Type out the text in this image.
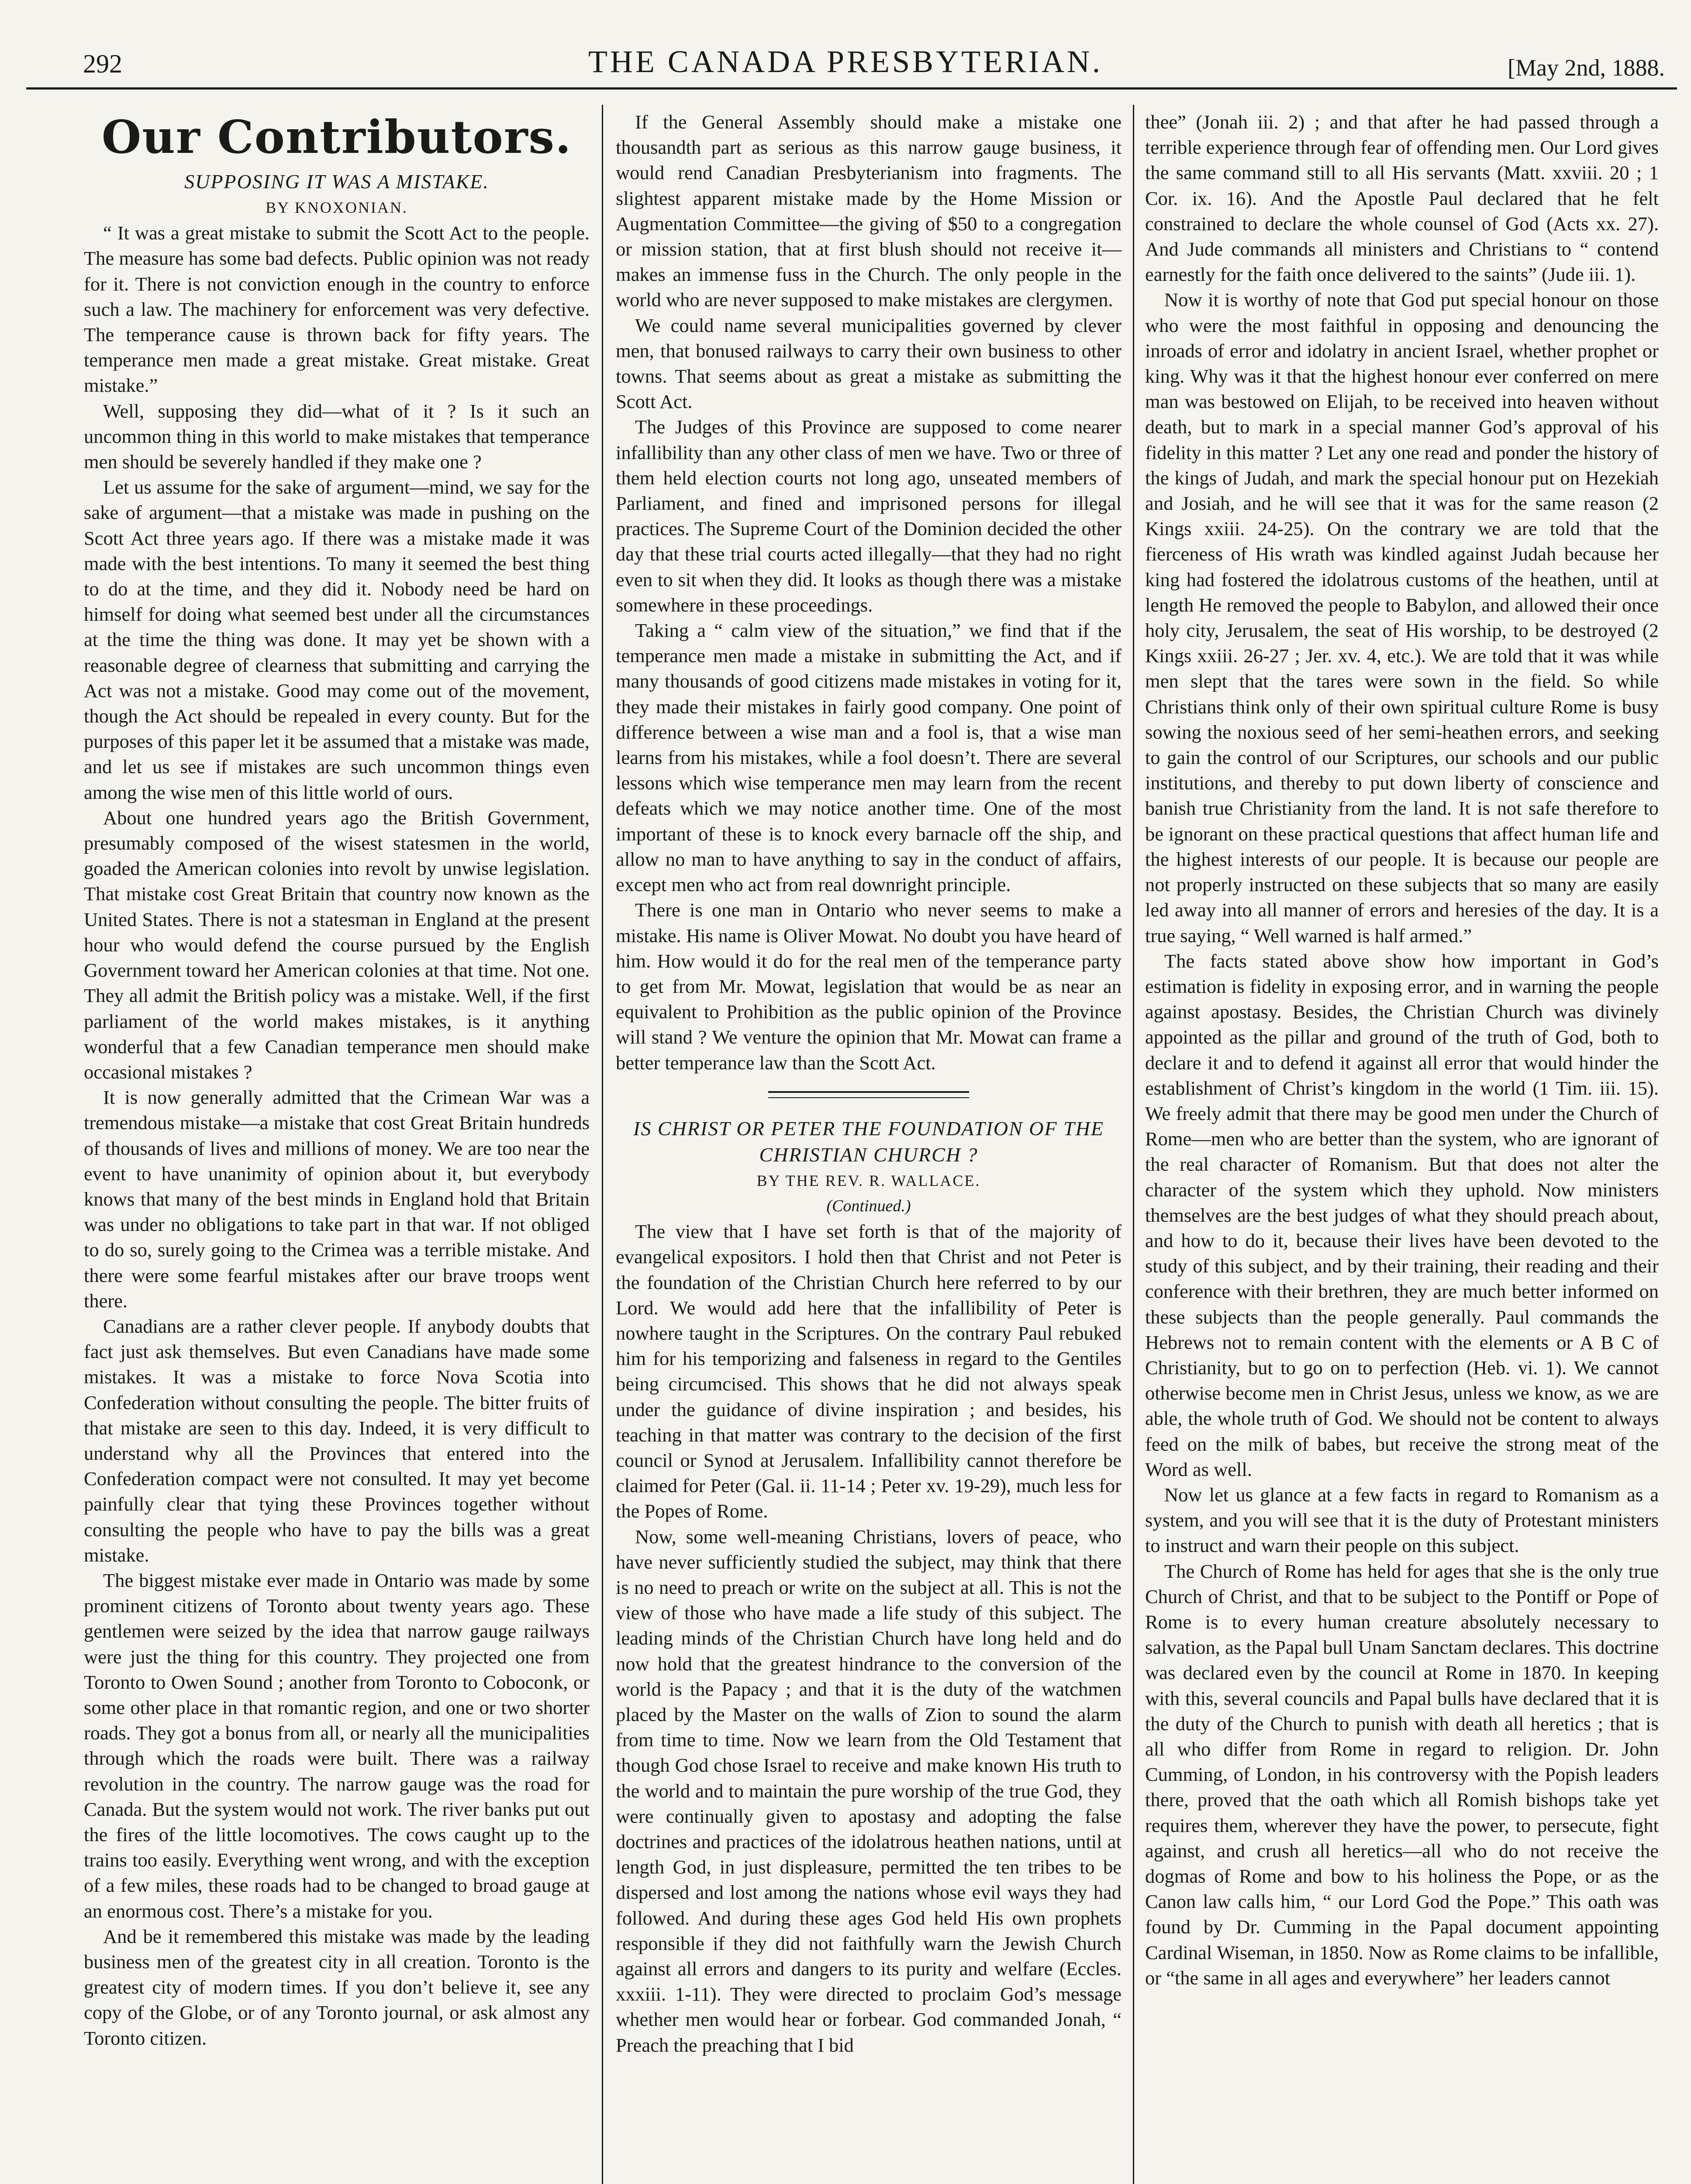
292	THE CANADA PRESBYTERIAN.	[May 2nd, 1888.
Our Contributors.

SUPPOSING IT WAS A MISTAKE.

BY KNOXONIAN.

“ It was a great mistake to submit the Scott Act to the people. The measure has some bad defects. Public opinion was not ready for it. There is not conviction enough in the country to enforce such a law. The machinery for enforcement was very defective. The temperance cause is thrown back for fifty years. The temperance men made a great mistake. Great mistake. Great mistake.”

Well, supposing they did—what of it ? Is it such an uncommon thing in this world to make mistakes that temperance men should be severely handled if they make one ?

Let us assume for the sake of argument—mind, we say for the sake of argument—that a mistake was made in pushing on the Scott Act three years ago. If there was a mistake made it was made with the best intentions. To many it seemed the best thing to do at the time, and they did it. Nobody need be hard on himself for doing what seemed best under all the circumstances at the time the thing was done. It may yet be shown with a reasonable degree of clearness that submitting and carrying the Act was not a mistake. Good may come out of the movement, though the Act should be repealed in every county. But for the purposes of this paper let it be assumed that a mistake was made, and let us see if mistakes are such uncommon things even among the wise men of this little world of ours.

About one hundred years ago the British Government, presumably composed of the wisest statesmen in the world, goaded the American colonies into revolt by unwise legislation. That mistake cost Great Britain that country now known as the United States. There is not a statesman in England at the present hour who would defend the course pursued by the English Government toward her American colonies at that time. Not one. They all admit the British policy was a mistake. Well, if the first parliament of the world makes mistakes, is it anything wonderful that a few Canadian temperance men should make occasional mistakes ?

It is now generally admitted that the Crimean War was a tremendous mistake—a mistake that cost Great Britain hundreds of thousands of lives and millions of money. We are too near the event to have unanimity of opinion about it, but everybody knows that many of the best minds in England hold that Britain was under no obligations to take part in that war. If not obliged to do so, surely going to the Crimea was a terrible mistake. And there were some fearful mistakes after our brave troops went there.

Canadians are a rather clever people. If anybody doubts that fact just ask themselves. But even Canadians have made some mistakes. It was a mistake to force Nova Scotia into Confederation without consulting the people. The bitter fruits of that mistake are seen to this day. Indeed, it is very difficult to understand why all the Provinces that entered into the Confederation compact were not consulted. It may yet become painfully clear that tying these Provinces together without consulting the people who have to pay the bills was a great mistake.

The biggest mistake ever made in Ontario was made by some prominent citizens of Toronto about twenty years ago. These gentlemen were seized by the idea that narrow gauge railways were just the thing for this country. They projected one from Toronto to Owen Sound ; another from Toronto to Coboconk, or some other place in that romantic region, and one or two shorter roads. They got a bonus from all, or nearly all the municipalities through which the roads were built. There was a railway revolution in the country. The narrow gauge was the road for Canada. But the system would not work. The river banks put out the fires of the little locomotives. The cows caught up to the trains too easily. Everything went wrong, and with the exception of a few miles, these roads had to be changed to broad gauge at an enormous cost. There’s a mistake for you.

And be it remembered this mistake was made by the leading business men of the greatest city in all creation. Toronto is the greatest city of modern times. If you don’t believe it, see any copy of the Globe, or of any Toronto journal, or ask almost any Toronto citizen.

If the General Assembly should make a mistake one thousandth part as serious as this narrow gauge business, it would rend Canadian Presbyterianism into fragments. The slightest apparent mistake made by the Home Mission or Augmentation Committee—the giving of $50 to a congregation or mission station, that at first blush should not receive it—makes an immense fuss in the Church. The only people in the world who are never supposed to make mistakes are clergymen.

We could name several municipalities governed by clever men, that bonused railways to carry their own business to other towns. That seems about as great a mistake as submitting the Scott Act.

The Judges of this Province are supposed to come nearer infallibility than any other class of men we have. Two or three of them held election courts not long ago, unseated members of Parliament, and fined and imprisoned persons for illegal practices. The Supreme Court of the Dominion decided the other day that these trial courts acted illegally—that they had no right even to sit when they did. It looks as though there was a mistake somewhere in these proceedings.

Taking a “ calm view of the situation,” we find that if the temperance men made a mistake in submitting the Act, and if many thousands of good citizens made mistakes in voting for it, they made their mistakes in fairly good company. One point of difference between a wise man and a fool is, that a wise man learns from his mistakes, while a fool doesn’t. There are several lessons which wise temperance men may learn from the recent defeats which we may notice another time. One of the most important of these is to knock every barnacle off the ship, and allow no man to have anything to say in the conduct of affairs, except men who act from real downright principle.

There is one man in Ontario who never seems to make a mistake. His name is Oliver Mowat. No doubt you have heard of him. How would it do for the real men of the temperance party to get from Mr. Mowat, legislation that would be as near an equivalent to Prohibition as the public opinion of the Province will stand ? We venture the opinion that Mr. Mowat can frame a better temperance law than the Scott Act.

IS CHRIST OR PETER THE FOUNDATION OF THE CHRISTIAN CHURCH ?

BY THE REV. R. WALLACE.

(Continued.)

The view that I have set forth is that of the majority of evangelical expositors. I hold then that Christ and not Peter is the foundation of the Christian Church here referred to by our Lord. We would add here that the infallibility of Peter is nowhere taught in the Scriptures. On the contrary Paul rebuked him for his temporizing and falseness in regard to the Gentiles being circumcised. This shows that he did not always speak under the guidance of divine inspiration ; and besides, his teaching in that matter was contrary to the decision of the first council or Synod at Jerusalem. Infallibility cannot therefore be claimed for Peter (Gal. ii. 11-14 ; Peter xv. 19-29), much less for the Popes of Rome.

Now, some well-meaning Christians, lovers of peace, who have never sufficiently studied the subject, may think that there is no need to preach or write on the subject at all. This is not the view of those who have made a life study of this subject. The leading minds of the Christian Church have long held and do now hold that the greatest hindrance to the conversion of the world is the Papacy ; and that it is the duty of the watchmen placed by the Master on the walls of Zion to sound the alarm from time to time. Now we learn from the Old Testament that though God chose Israel to receive and make known His truth to the world and to maintain the pure worship of the true God, they were continually given to apostasy and adopting the false doctrines and practices of the idolatrous heathen nations, until at length God, in just displeasure, permitted the ten tribes to be dispersed and lost among the nations whose evil ways they had followed. And during these ages God held His own prophets responsible if they did not faithfully warn the Jewish Church against all errors and dangers to its purity and welfare (Eccles. xxxiii. 1-11). They were directed to proclaim God’s message whether men would hear or forbear. God commanded Jonah, “ Preach the preaching that I bid

thee” (Jonah iii. 2) ; and that after he had passed through a terrible experience through fear of offending men. Our Lord gives the same command still to all His servants (Matt. xxviii. 20 ; 1 Cor. ix. 16). And the Apostle Paul declared that he felt constrained to declare the whole counsel of God (Acts xx. 27). And Jude commands all ministers and Christians to “ contend earnestly for the faith once delivered to the saints” (Jude iii. 1).

Now it is worthy of note that God put special honour on those who were the most faithful in opposing and denouncing the inroads of error and idolatry in ancient Israel, whether prophet or king. Why was it that the highest honour ever conferred on mere man was bestowed on Elijah, to be received into heaven without death, but to mark in a special manner God’s approval of his fidelity in this matter ? Let any one read and ponder the history of the kings of Judah, and mark the special honour put on Hezekiah and Josiah, and he will see that it was for the same reason (2 Kings xxiii. 24-25). On the contrary we are told that the fierceness of His wrath was kindled against Judah because her king had fostered the idolatrous customs of the heathen, until at length He removed the people to Babylon, and allowed their once holy city, Jerusalem, the seat of His worship, to be destroyed (2 Kings xxiii. 26-27 ; Jer. xv. 4, etc.). We are told that it was while men slept that the tares were sown in the field. So while Christians think only of their own spiritual culture Rome is busy sowing the noxious seed of her semi-heathen errors, and seeking to gain the control of our Scriptures, our schools and our public institutions, and thereby to put down liberty of conscience and banish true Christianity from the land. It is not safe therefore to be ignorant on these practical questions that affect human life and the highest interests of our people. It is because our people are not properly instructed on these subjects that so many are easily led away into all manner of errors and heresies of the day. It is a true saying, “ Well warned is half armed.”

The facts stated above show how important in God’s estimation is fidelity in exposing error, and in warning the people against apostasy. Besides, the Christian Church was divinely appointed as the pillar and ground of the truth of God, both to declare it and to defend it against all error that would hinder the establishment of Christ’s kingdom in the world (1 Tim. iii. 15). We freely admit that there may be good men under the Church of Rome—men who are better than the system, who are ignorant of the real character of Romanism. But that does not alter the character of the system which they uphold. Now ministers themselves are the best judges of what they should preach about, and how to do it, because their lives have been devoted to the study of this subject, and by their training, their reading and their conference with their brethren, they are much better informed on these subjects than the people generally. Paul commands the Hebrews not to remain content with the elements or A B C of Christianity, but to go on to perfection (Heb. vi. 1). We cannot otherwise become men in Christ Jesus, unless we know, as we are able, the whole truth of God. We should not be content to always feed on the milk of babes, but receive the strong meat of the Word as well.

Now let us glance at a few facts in regard to Romanism as a system, and you will see that it is the duty of Protestant ministers to instruct and warn their people on this subject.

The Church of Rome has held for ages that she is the only true Church of Christ, and that to be subject to the Pontiff or Pope of Rome is to every human creature absolutely necessary to salvation, as the Papal bull Unam Sanctam declares. This doctrine was declared even by the council at Rome in 1870. In keeping with this, several councils and Papal bulls have declared that it is the duty of the Church to punish with death all heretics ; that is all who differ from Rome in regard to religion. Dr. John Cumming, of London, in his controversy with the Popish leaders there, proved that the oath which all Romish bishops take yet requires them, wherever they have the power, to persecute, fight against, and crush all heretics—all who do not receive the dogmas of Rome and bow to his holiness the Pope, or as the Canon law calls him, “ our Lord God the Pope.” This oath was found by Dr. Cumming in the Papal document appointing Cardinal Wiseman, in 1850. Now as Rome claims to be infallible, or “the same in all ages and everywhere” her leaders cannot
